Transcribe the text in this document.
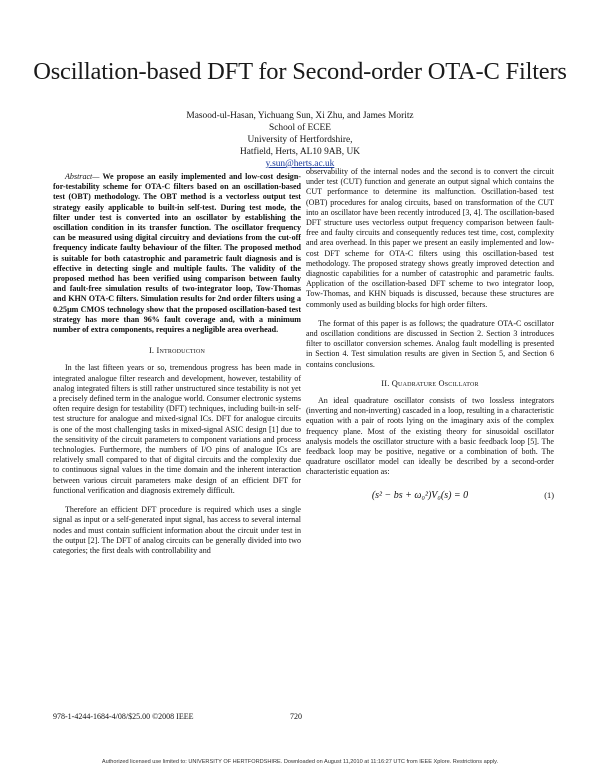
Oscillation-based DFT for Second-order OTA-C Filters
Masood-ul-Hasan, Yichuang Sun, Xi Zhu, and James Moritz
School of ECEE
University of Hertfordshire,
Hatfield, Herts, AL10 9AB, UK
y.sun@herts.ac.uk

Abstract— We propose an easily implemented and low-cost design-for-testability scheme for OTA-C filters based on an oscillation-based test (OBT) methodology. The OBT method is a vectorless output test strategy easily applicable to built-in self-test. During test mode, the filter under test is converted into an oscillator by establishing the oscillation condition in its transfer function. The oscillator frequency can be measured using digital circuitry and deviations from the cut-off frequency indicate faulty behaviour of the filter. The proposed method is suitable for both catastrophic and parametric fault diagnosis and is effective in detecting single and multiple faults. The validity of the proposed method has been verified using comparison between faulty and fault-free simulation results of two-integrator loop, Tow-Thomas and KHN OTA-C filters. Simulation results for 2nd order filters using a 0.25μm CMOS technology show that the proposed oscillation-based test strategy has more than 96% fault coverage and, with a minimum number of extra components, requires a negligible area overhead.

I. Introduction

In the last fifteen years or so, tremendous progress has been made in integrated analogue filter research and development, however, testability of analog integrated filters is still rather unstructured since testability is not yet a precisely defined term in the analogue world. Consumer electronic systems often require design for testability (DFT) techniques, including built-in self-test structure for analogue and mixed-signal ICs. DFT for analogue circuits is one of the most challenging tasks in mixed-signal ASIC design [1] due to the sensitivity of the circuit parameters to component variations and process technologies. Furthermore, the numbers of I/O pins of analogue ICs are relatively small compared to that of digital circuits and the complexity due to continuous signal values in the time domain and the inherent interaction between various circuit parameters make design of an efficient DFT for functional verification and diagnosis extremely difficult.

Therefore an efficient DFT procedure is required which uses a single signal as input or a self-generated input signal, has access to several internal nodes and must contain sufficient information about the circuit under test in the output [2]. The DFT of analog circuits can be generally divided into two categories; the first deals with controllability and

observability of the internal nodes and the second is to convert the circuit under test (CUT) function and generate an output signal which contains the CUT performance to determine its malfunction. Oscillation-based test (OBT) procedures for analog circuits, based on transformation of the CUT into an oscillator have been recently introduced [3, 4]. The oscillation-based DFT structure uses vectorless output frequency comparison between fault-free and faulty circuits and consequently reduces test time, cost, complexity and area overhead. In this paper we present an easily implemented and low-cost DFT scheme for OTA-C filters using this oscillation-based test methodology. The proposed strategy shows greatly improved detection and diagnostic capabilities for a number of catastrophic and parametric faults. Application of the oscillation-based DFT scheme to two integrator loop, Tow-Thomas, and KHN biquads is discussed, because these structures are commonly used as building blocks for high order filters.

The format of this paper is as follows; the quadrature OTA-C oscillator and oscillation conditions are discussed in Section 2. Section 3 introduces filter to oscillator conversion schemes. Analog fault modelling is presented in Section 4. Test simulation results are given in Section 5, and Section 6 contains conclusions.

II. Quadrature Oscillator

An ideal quadrature oscillator consists of two lossless integrators (inverting and non-inverting) cascaded in a loop, resulting in a characteristic equation with a pair of roots lying on the imaginary axis of the complex frequency plane. Most of the existing theory for sinusoidal oscillator analysis models the oscillator structure with a basic feedback loop [5]. The feedback loop may be positive, negative or a combination of both. The quadrature oscillator model can ideally be described by a second-order characteristic equation as:

(s² − bs + ω₀²)V₀(s) = 0	(1)
978-1-4244-1684-4/08/$25.00 ©2008 IEEE	720
Authorized licensed use limited to: UNIVERSITY OF HERTFORDSHIRE. Downloaded on August 11,2010 at 11:16:27 UTC from IEEE Xplore. Restrictions apply.
